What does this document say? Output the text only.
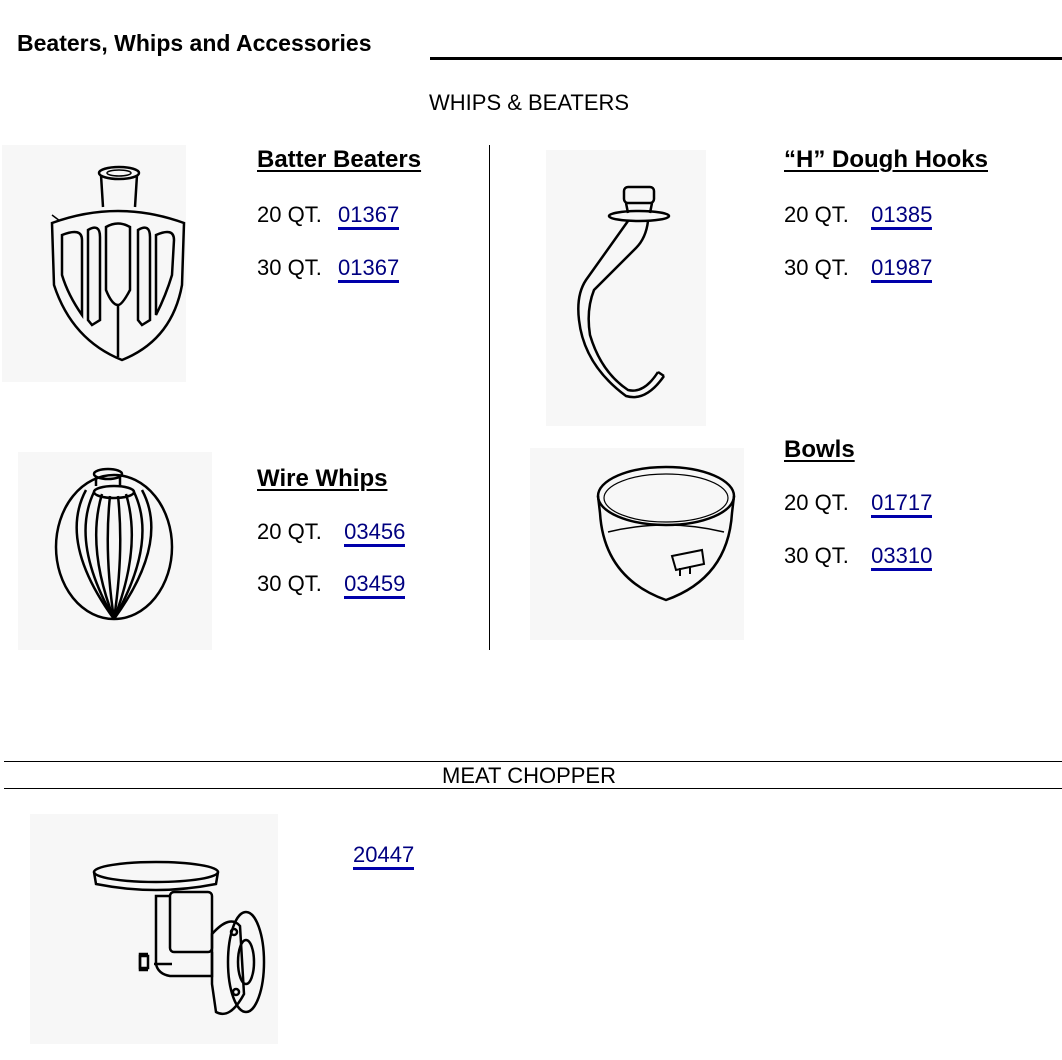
Beaters, Whips and Accessories
WHIPS & BEATERS
Batter Beaters
20 QT. 01367
30 QT. 01367
“H” Dough Hooks
20 QT. 01385
30 QT. 01987
Wire Whips
20 QT. 03456
30 QT. 03459
Bowls
20 QT. 01717
30 QT. 03310
MEAT CHOPPER
20447
